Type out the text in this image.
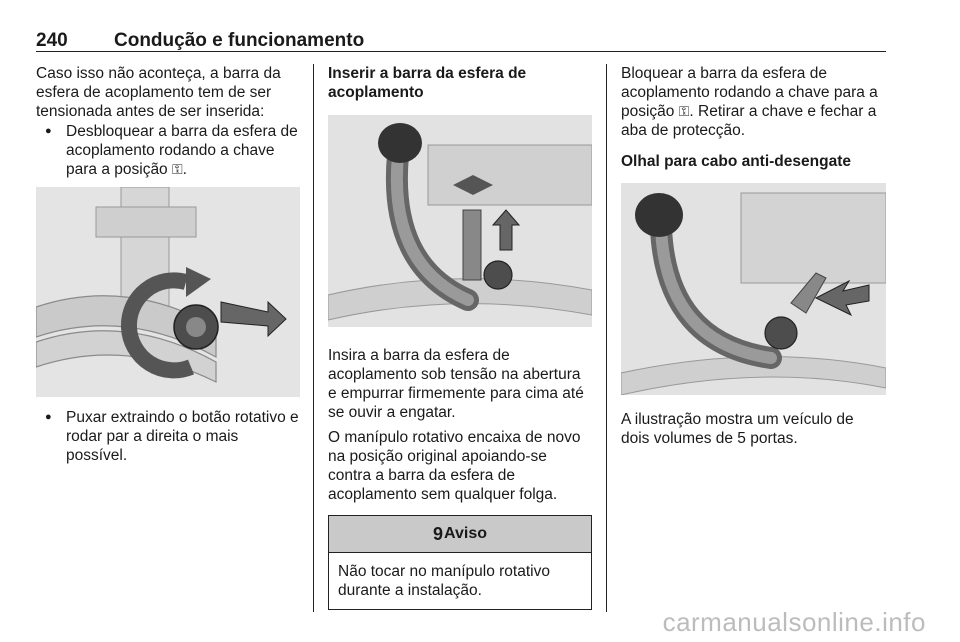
240 Condução e funcionamento

Caso isso não aconteça, a barra da esfera de acoplamento tem de ser tensionada antes de ser inserida:

● Desbloquear a barra da esfera de acoplamento rodando a chave para a posição ⚿.
● Puxar extraindo o botão rotativo e rodar par a direita o mais possível.
Inserir a barra da esfera de acoplamento

Insira a barra da esfera de acoplamento sob tensão na abertura e empurrar firmemente para cima até se ouvir a engatar.

O manípulo rotativo encaixa de novo na posição original apoiando-se contra a barra da esfera de acoplamento sem qualquer folga.

9 Aviso

Não tocar no manípulo rotativo durante a instalação.

Bloquear a barra da esfera de acoplamento rodando a chave para a posição ⚿. Retirar a chave e fechar a aba de protecção.

Olhal para cabo anti-desengate

A ilustração mostra um veículo de dois volumes de 5 portas.

carmanualsonline.info
